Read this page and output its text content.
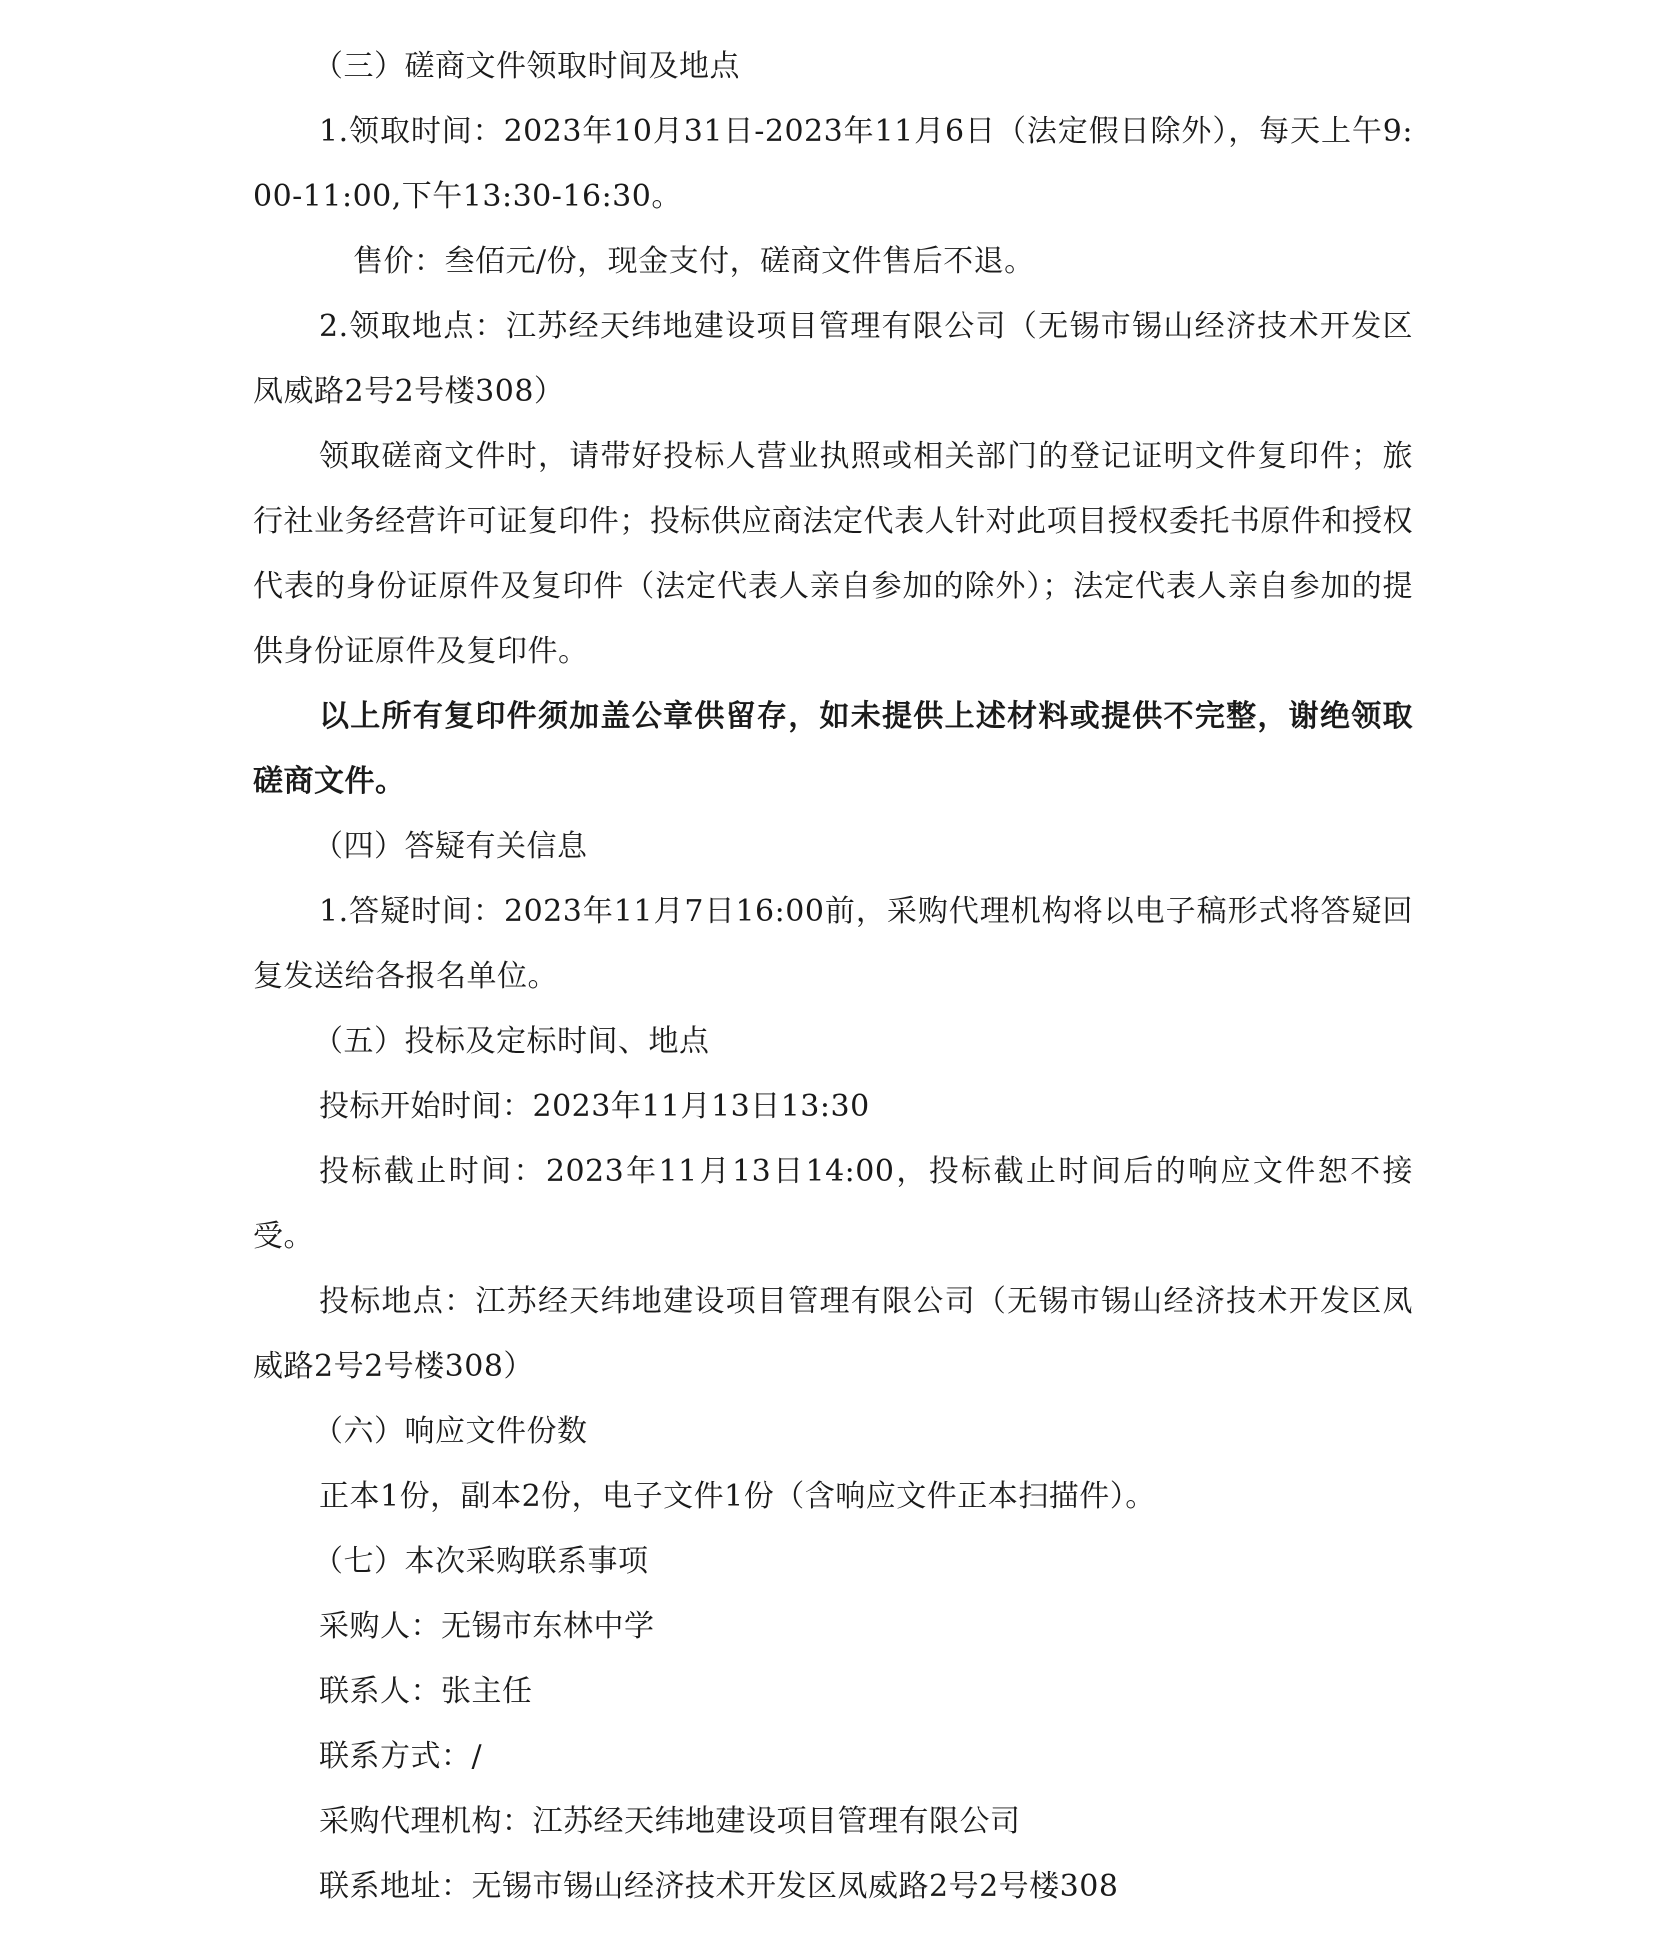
（三）磋商文件领取时间及地点

1.领取时间：2023年10月31日-2023年11月6日（法定假日除外），每天上午9:00-11:00,下午13:30-16:30。

售价：叁佰元/份，现金支付，磋商文件售后不退。

2.领取地点：江苏经天纬地建设项目管理有限公司（无锡市锡山经济技术开发区凤威路2号2号楼308）

领取磋商文件时，请带好投标人营业执照或相关部门的登记证明文件复印件；旅行社业务经营许可证复印件；投标供应商法定代表人针对此项目授权委托书原件和授权代表的身份证原件及复印件（法定代表人亲自参加的除外）；法定代表人亲自参加的提供身份证原件及复印件。

以上所有复印件须加盖公章供留存，如未提供上述材料或提供不完整，谢绝领取磋商文件。

（四）答疑有关信息

1.答疑时间：2023年11月7日16:00前，采购代理机构将以电子稿形式将答疑回复发送给各报名单位。

（五）投标及定标时间、地点

投标开始时间：2023年11月13日13:30

投标截止时间：2023年11月13日14:00，投标截止时间后的响应文件恕不接受。

投标地点：江苏经天纬地建设项目管理有限公司（无锡市锡山经济技术开发区凤威路2号2号楼308）

（六）响应文件份数

正本1份，副本2份，电子文件1份（含响应文件正本扫描件）。

（七）本次采购联系事项

采购人：无锡市东林中学

联系人：张主任

联系方式：/

采购代理机构：江苏经天纬地建设项目管理有限公司

联系地址：无锡市锡山经济技术开发区凤威路2号2号楼308
